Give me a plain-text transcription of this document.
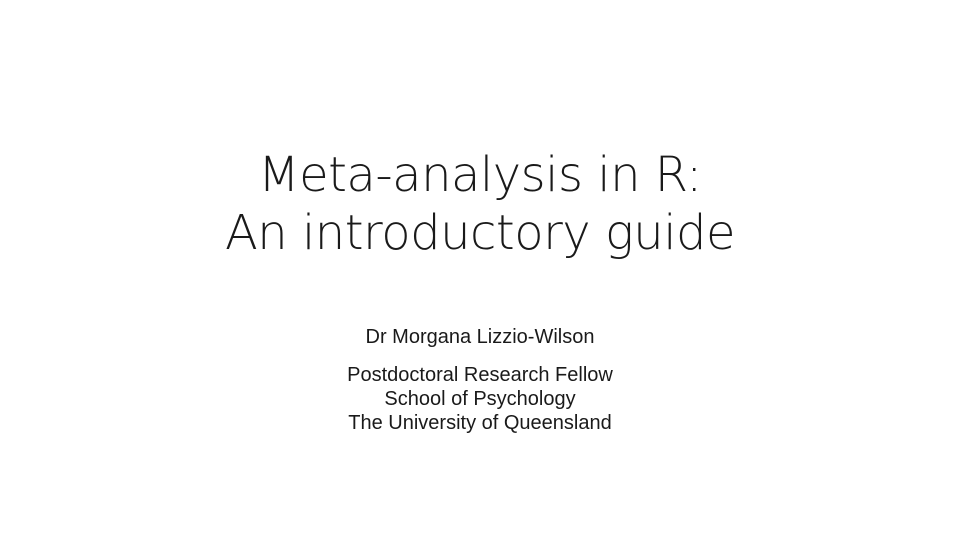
Meta-analysis in R:
An introductory guide
Dr Morgana Lizzio-Wilson
Postdoctoral Research Fellow
School of Psychology
The University of Queensland
